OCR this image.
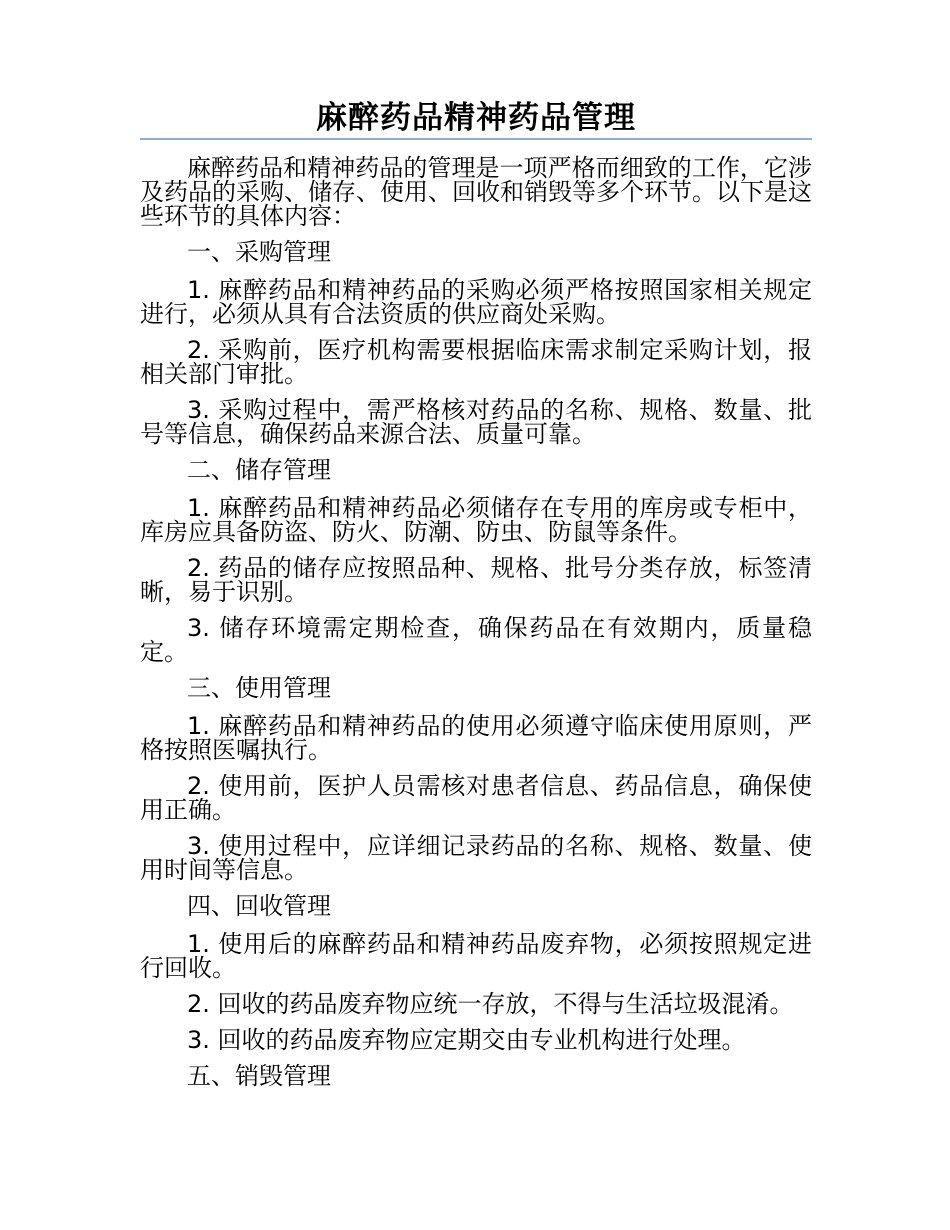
麻醉药品精神药品管理

麻醉药品和精神药品的管理是一项严格而细致的工作，它涉及药品的采购、储存、使用、回收和销毁等多个环节。以下是这些环节的具体内容：

一、采购管理

1. 麻醉药品和精神药品的采购必须严格按照国家相关规定进行，必须从具有合法资质的供应商处采购。

2. 采购前，医疗机构需要根据临床需求制定采购计划，报相关部门审批。

3. 采购过程中，需严格核对药品的名称、规格、数量、批号等信息，确保药品来源合法、质量可靠。

二、储存管理

1. 麻醉药品和精神药品必须储存在专用的库房或专柜中，库房应具备防盗、防火、防潮、防虫、防鼠等条件。

2. 药品的储存应按照品种、规格、批号分类存放，标签清晰，易于识别。

3. 储存环境需定期检查，确保药品在有效期内，质量稳定。

三、使用管理

1. 麻醉药品和精神药品的使用必须遵守临床使用原则，严格按照医嘱执行。

2. 使用前，医护人员需核对患者信息、药品信息，确保使用正确。

3. 使用过程中，应详细记录药品的名称、规格、数量、使用时间等信息。

四、回收管理

1. 使用后的麻醉药品和精神药品废弃物，必须按照规定进行回收。

2. 回收的药品废弃物应统一存放，不得与生活垃圾混淆。

3. 回收的药品废弃物应定期交由专业机构进行处理。

五、销毁管理
